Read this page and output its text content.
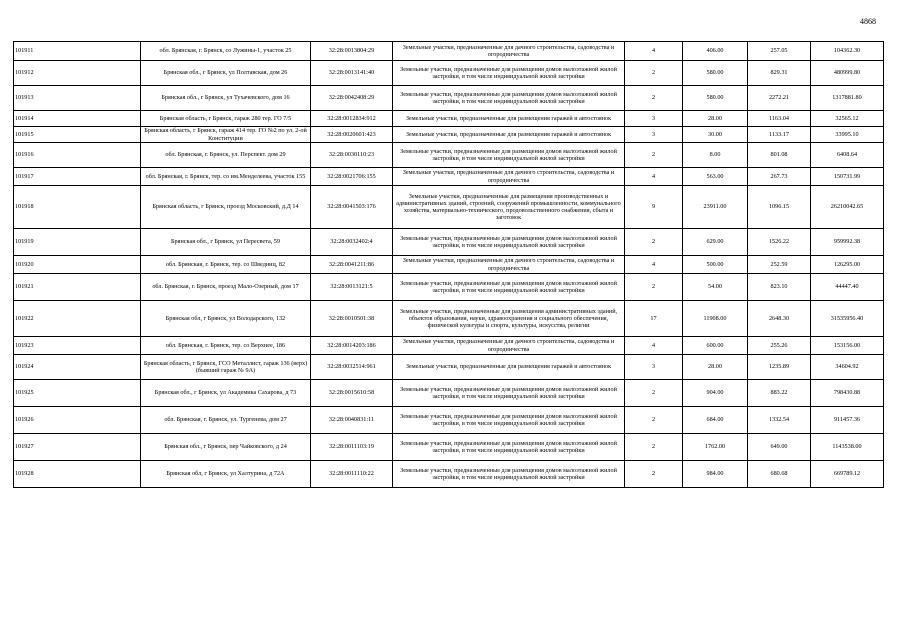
4868
101911	обл. Брянская, г. Брянск, со Лужины-1, участок 25	32:28:0013804:29	Земельные участки, предназначенные для дачного строительства, садоводства и огородничества	4	406.00	257.05	104362.30
101912	Брянская обл., г Брянск, ул Полтавская, дом 26	32:28:0013141:40	Земельные участки, предназначенные для размещения домов малоэтажной жилой застройки, в том числе индивидуальной жилой застройки	2	580.00	829.31	480999.80
101913	Брянская обл., г Брянск, ул Тухачевского, дом 16	32:28:0042408:29	Земельные участки, предназначенные для размещения домов малоэтажной жилой застройки, в том числе индивидуальной жилой застройки	2	580.00	2272.21	1317881.80
101914	Брянская область, г Брянск, гараж 280 тер. ГО 7/5	32:28:0012834:912	Земельные участки, предназначенные для размещения гаражей и автостоянок	3	28.00	1163.04	32565.12
101915	Брянская область, г Брянск, гараж 414 тер. ГО №2 по ул. 2-ой Конституции	32:28:0020601:423	Земельные участки, предназначенные для размещения гаражей и автостоянок	3	30.00	1133.17	33995.10
101916	обл. Брянская, г. Брянск, ул. Перспект. дом 29	32:28:0030110:23	Земельные участки, предназначенные для размещения домов малоэтажной жилой застройки, в том числе индивидуальной жилой застройки	2	8.00	801.08	6408.64
101917	обл. Брянская, г. Брянск, тер. со им.Менделеева, участок 155	32:28:0021706:155	Земельные участки, предназначенные для дачного строительства, садоводства и огородничества	4	563.00	267.73	150731.99
101918	Брянская область, г Брянск, проезд Московский, д.Д 14	32:28:0041503:176	Земельные участки, предназначенные для размещения производственных и административных зданий, строений, сооружений промышленности, коммунального хозяйства, материально-технического, продовольственного снабжения, сбыта и заготовок	9	23911.00	1096.15	26210042.65
101919	Брянская обл., г Брянск, ул Пересвета, 59	32:28:0032402:4	Земельные участки, предназначенные для размещения домов малоэтажной жилой застройки, в том числе индивидуальной жилой застройки	2	629.00	1526.22	959992.38
101920	обл. Брянская, г. Брянск, тер. со Шведниц, 82	32:28:0041211:86	Земельные участки, предназначенные для дачного строительства, садоводства и огородничества	4	500.00	252.59	126295.00
101921	обл. Брянская, г. Брянск, проезд Мало-Озерный, дом 17	32:28:0013121:5	Земельные участки, предназначенные для размещения домов малоэтажной жилой застройки, в том числе индивидуальной жилой застройки	2	54.00	823.10	44447.40
101922	Брянская обл, г Брянск, ул Володарского, 132	32:28:0010501:38	Земельные участки, предназначенные для размещения административных зданий, объектов образования, науки, здравоохранения и социального обеспечения, физической культуры и спорта, культуры, искусства, религии	17	11908.00	2648.30	31535956.40
101923	обл. Брянская, г. Брянск, тер. со Верхнее, 186	32:28:0014203:186	Земельные участки, предназначенные для дачного строительства, садоводства и огородничества	4	600.00	255.26	153156.00
101924	Брянская область, г Брянск, ГСО Металлист, гараж 136 (верх) (бывший гараж № 9А)	32:28:0032514:961	Земельные участки, предназначенные для размещения гаражей и автостоянок	3	28.00	1235.89	34604.92
101925	Брянская обл., г Брянск, ул Академика Сахарова, д 73	32:28:0015610:58	Земельные участки, предназначенные для размещения домов малоэтажной жилой застройки, в том числе индивидуальной жилой застройки	2	904.00	883.22	798430.88
101926	обл. Брянская, г. Брянск, ул. Тургенева, дом 27	32:28:0040831:11	Земельные участки, предназначенные для размещения домов малоэтажной жилой застройки, в том числе индивидуальной жилой застройки	2	684.00	1332.54	911457.36
101927	Брянская обл., г Брянск, пер Чайковского, д 24	32:28:0011103:19	Земельные участки, предназначенные для размещения домов малоэтажной жилой застройки, в том числе индивидуальной жилой застройки	2	1762.00	649.00	1143538.00
101928	Брянская обл, г Брянск, ул Халтурина, д 72А	32:28:0011110:22	Земельные участки, предназначенные для размещения домов малоэтажной жилой застройки, в том числе индивидуальной жилой застройки	2	984.00	680.68	669789.12
